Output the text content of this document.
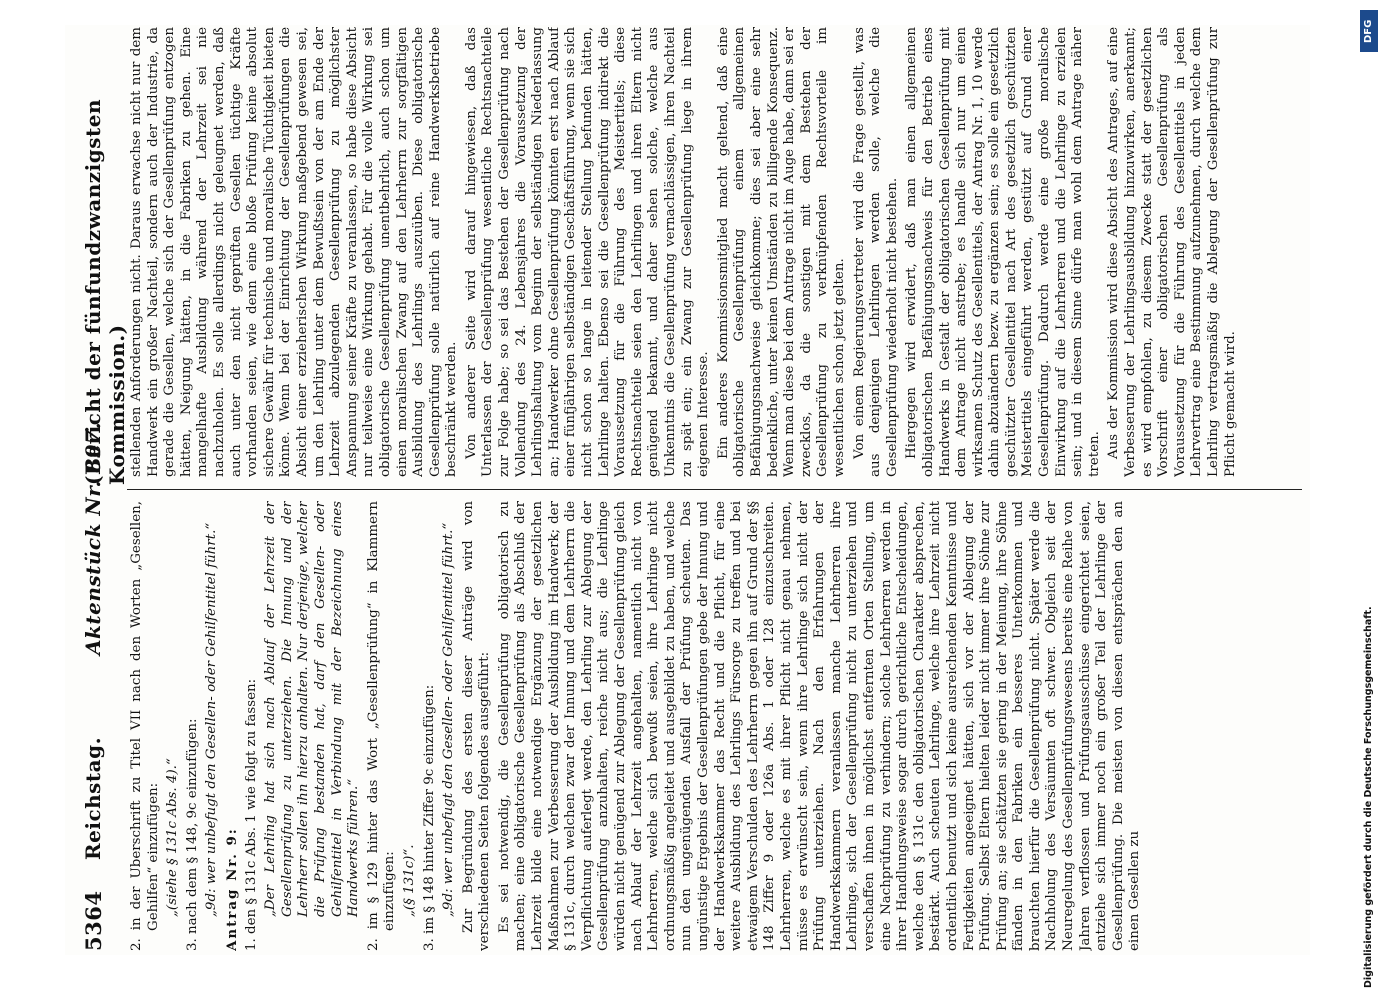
5364
Reichstag.
Aktenstück Nr. 897.
(Bericht der fünfundzwanzigsten Kommission.)

2. in der Überschrift zu Titel VII nach den Worten „Gesellen, Gehilfen“ einzufügen: „(siehe § 131c Abs. 4).“ 3. nach dem § 148, 9c einzufügen: „9d: wer unbefugt den Gesellen- oder Gehilfentitel führt.“ Antrag Nr. 9: 1. den § 131c Abs. 1 wie folgt zu fassen: „Der Lehrling hat sich nach Ablauf der Lehrzeit der Gesellenprüfung zu unterziehen. Die Innung und der Lehrherr sollen ihn hierzu anhalten. Nur derjenige, welcher die Prüfung bestanden hat, darf den Gesellen- oder Gehilfentitel in Verbindung mit der Bezeichnung eines Handwerks führen.“ 2. im § 129 hinter das Wort „Gesellenprüfung“ in Klammern einzufügen: „(§ 131c)“. 3. im § 148 hinter Ziffer 9c einzufügen: „9d: wer unbefugt den Gesellen- oder Gehilfentitel führt.“ Zur Begründung des ersten dieser Anträge wird von verschiedenen Seiten folgendes ausgeführt: Es sei notwendig, die Gesellenprüfung obligatorisch zu machen; eine obligatorische Gesellenprüfung als Abschluß der Lehrzeit bilde eine notwendige Ergänzung der gesetzlichen Maßnahmen zur Verbesserung der Ausbildung im Handwerk; der § 131c, durch welchen zwar der Innung und dem Lehrherrn die Verpflichtung auferlegt werde, den Lehrling zur Ablegung der Gesellenprüfung anzuhalten, reiche nicht aus; die Lehrlinge würden nicht genügend zur Ablegung der Gesellenprüfung gleich nach Ablauf der Lehrzeit angehalten, namentlich nicht von Lehrherren, welche sich bewußt seien, ihre Lehrlinge nicht ordnungsmäßig angeleitet und ausgebildet zu haben, und welche nun den ungenügenden Ausfall der Prüfung scheuten. Das ungünstige Ergebnis der Gesellenprüfungen gebe der Innung und der Handwerkskammer das Recht und die Pflicht, für eine weitere Ausbildung des Lehrlings Fürsorge zu treffen und bei etwaigem Verschulden des Lehrherrn gegen ihn auf Grund der §§ 148 Ziffer 9 oder 126a Abs. 1 oder 128 einzuschreiten. Lehrherren, welche es mit ihrer Pflicht nicht genau nehmen, müsse es erwünscht sein, wenn ihre Lehrlinge sich nicht der Prüfung unterziehen. Nach den Erfahrungen der Handwerkskammern veranlassen manche Lehrherren ihre Lehrlinge, sich der Gesellenprüfung nicht zu unterziehen und verschaffen ihnen in möglichst entfernten Orten Stellung, um eine Nachprüfung zu verhindern; solche Lehrherren werden in ihrer Handlungsweise sogar durch gerichtliche Entscheidungen, welche den § 131c den obligatorischen Charakter absprechen, bestärkt. Auch scheuten Lehrlinge, welche ihre Lehrzeit nicht ordentlich benutzt und sich keine ausreichenden Kenntnisse und Fertigkeiten angeeignet hätten, sich vor der Ablegung der Prüfung. Selbst Eltern hielten leider nicht immer ihre Söhne zur Prüfung an; sie schätzten sie gering in der Meinung, ihre Söhne fänden in den Fabriken ein besseres Unterkommen und brauchten hierfür die Gesellenprüfung nicht. Später werde die Nachholung des Versäumten oft schwer. Obgleich seit der Neuregelung des Gesellenprüfungswesens bereits eine Reihe von Jahren verflossen und Prüfungsausschüsse eingerichtet seien, entziehe sich immer noch ein großer Teil der Lehrlinge der Gesellenprüfung. Die meisten von diesen entsprächen den an einen Gesellen zu

stellenden Anforderungen nicht. Daraus erwachse nicht nur dem Handwerk ein großer Nachteil, sondern auch der Industrie, da gerade die Gesellen, welche sich der Gesellenprüfung entzogen hätten, Neigung hätten, in die Fabriken zu gehen. Eine mangelhafte Ausbildung während der Lehrzeit sei nie nachzuholen. Es solle allerdings nicht geleugnet werden, daß auch unter den nicht geprüften Gesellen tüchtige Kräfte vorhanden seien, wie denn eine bloße Prüfung keine absolut sichere Gewähr für technische und moralische Tüchtigkeit bieten könne. Wenn bei der Einrichtung der Gesellenprüfungen die Absicht einer erzieherischen Wirkung maßgebend gewesen sei, um den Lehrling unter dem Bewußtsein von der am Ende der Lehrzeit abzulegenden Gesellenprüfung zu möglichster Anspannung seiner Kräfte zu veranlassen, so habe diese Absicht nur teilweise eine Wirkung gehabt. Für die volle Wirkung sei obligatorische Gesellenprüfung unentbehrlich, auch schon um einen moralischen Zwang auf den Lehrherrn zur sorgfältigen Ausbildung des Lehrlings auszuüben. Diese obligatorische Gesellenprüfung solle natürlich auf reine Handwerksbetriebe beschränkt werden. Von anderer Seite wird darauf hingewiesen, daß das Unterlassen der Gesellenprüfung wesentliche Rechtsnachteile zur Folge habe; so sei das Bestehen der Gesellenprüfung nach Vollendung des 24. Lebensjahres die Voraussetzung der Lehrlingshaltung vom Beginn der selbständigen Niederlassung an; Handwerker ohne Gesellenprüfung könnten erst nach Ablauf einer fünfjährigen selbständigen Geschäftsführung, wenn sie sich nicht schon so lange in leitender Stellung befunden hätten, Lehrlinge halten. Ebenso sei die Gesellenprüfung indirekt die Voraussetzung für die Führung des Meistertitels; diese Rechtsnachteile seien den Lehrlingen und ihren Eltern nicht genügend bekannt, und daher sehen solche, welche aus Unkenntnis die Gesellenprüfung vernachlässigen, ihren Nachteil zu spät ein; ein Zwang zur Gesellenprüfung liege in ihrem eigenen Interesse. Ein anderes Kommissionsmitglied macht geltend, daß eine obligatorische Gesellenprüfung einem allgemeinen Befähigungsnachweise gleichkomme; dies sei aber eine sehr bedenkliche, unter keinen Umständen zu billigende Konsequenz. Wenn man diese bei dem Antrage nicht im Auge habe, dann sei er zwecklos, da die sonstigen mit dem Bestehen der Gesellenprüfung zu verknüpfenden Rechtsvorteile im wesentlichen schon jetzt gelten. Von einem Regierungsvertreter wird die Frage gestellt, was aus denjenigen Lehrlingen werden solle, welche die Gesellenprüfung wiederholt nicht bestehen. Hiergegen wird erwidert, daß man einen allgemeinen obligatorischen Befähigungsnachweis für den Betrieb eines Handwerks in Gestalt der obligatorischen Gesellenprüfung mit dem Antrage nicht anstrebe; es handle sich nur um einen wirksamen Schutz des Gesellentitels, der Antrag Nr. 1, 10 werde dahin abzuändern bezw. zu ergänzen sein; es solle ein gesetzlich geschützter Gesellentitel nach Art des gesetzlich geschützten Meistertitels eingeführt werden, gestützt auf Grund einer Gesellenprüfung. Dadurch werde eine große moralische Einwirkung auf die Lehrherren und die Lehrlinge zu erzielen sein; und in diesem Sinne dürfe man wohl dem Antrage näher treten. Aus der Kommission wird diese Absicht des Antrages, auf eine Verbesserung der Lehrlingsausbildung hinzuwirken, anerkannt; es wird empfohlen, zu diesem Zwecke statt der gesetzlichen Vorschrift einer obligatorischen Gesellenprüfung als Voraussetzung für die Führung des Gesellentitels in jeden Lehrvertrag eine Bestimmung aufzunehmen, durch welche dem Lehrling vertragsmäßig die Ablegung der Gesellenprüfung zur Pflicht gemacht wird.

DFG
Digitalisierung gefördert durch die Deutsche Forschungsgemeinschaft.
